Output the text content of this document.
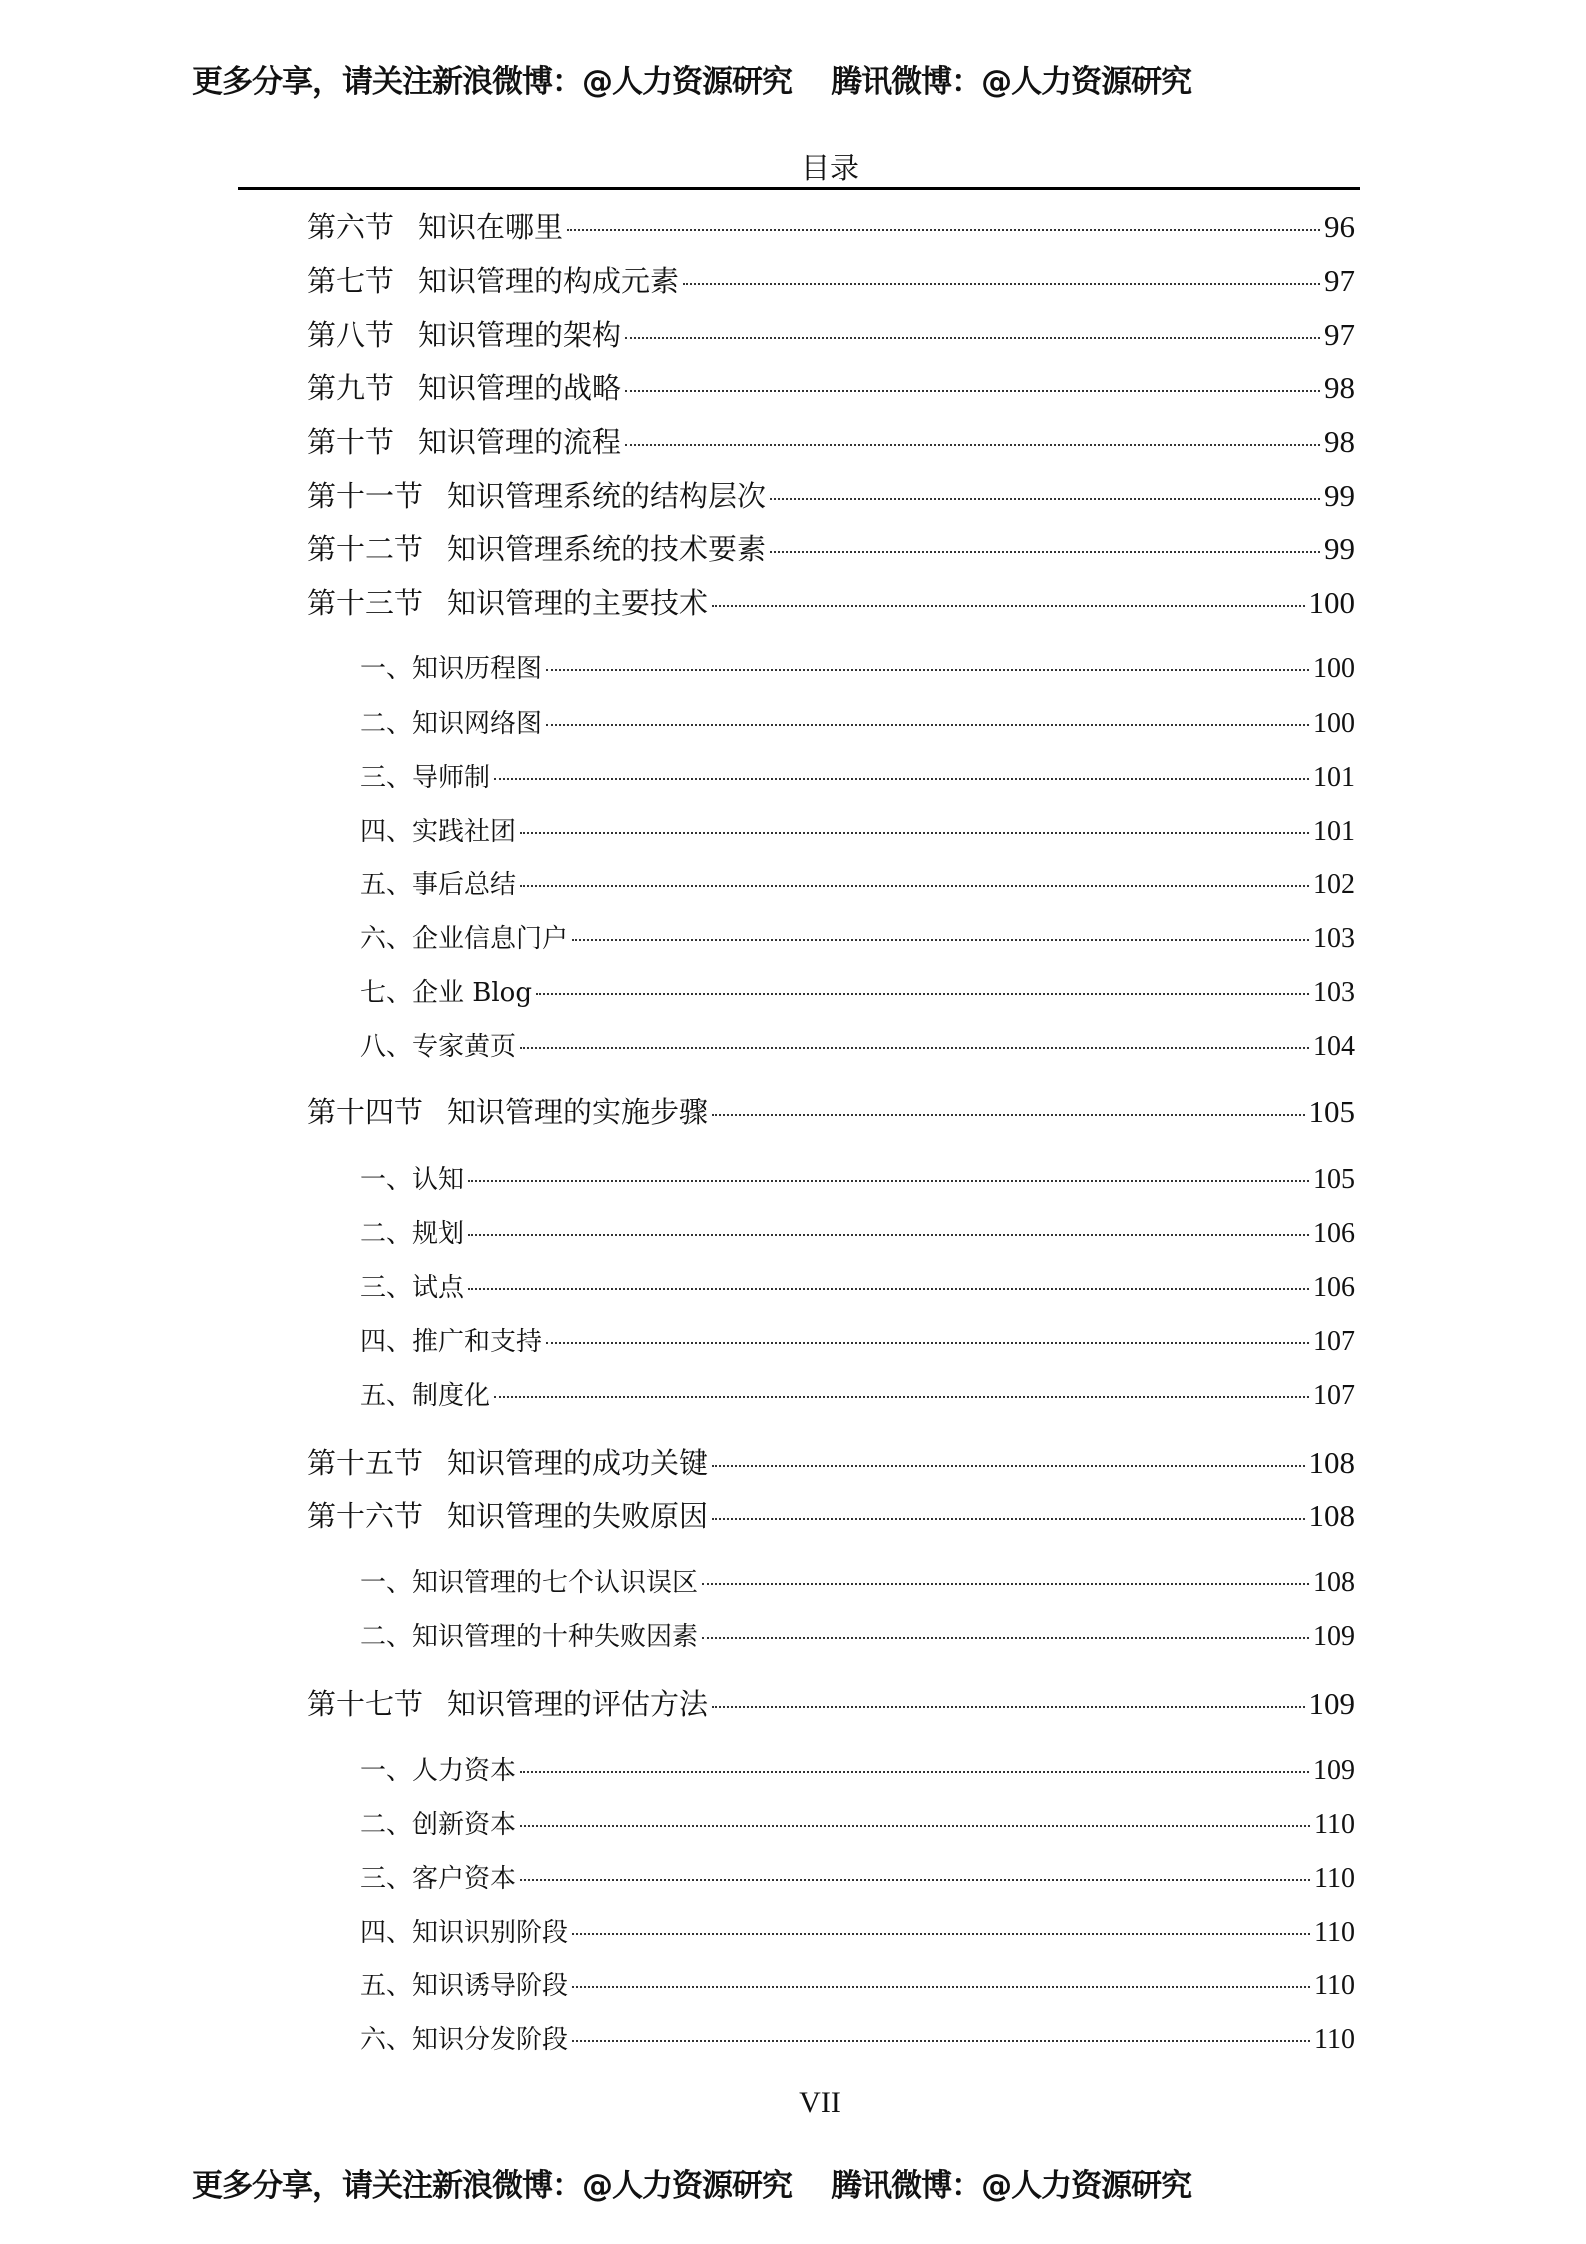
更多分享，请关注新浪微博：@人力资源研究    腾讯微博：@人力资源研究
目录
第六节 知识在哪里	96
第七节 知识管理的构成元素	97
第八节 知识管理的架构	97
第九节 知识管理的战略	98
第十节 知识管理的流程	98
第十一节 知识管理系统的结构层次	99
第十二节 知识管理系统的技术要素	99
第十三节 知识管理的主要技术	100
一、知识历程图	100
二、知识网络图	100
三、导师制	101
四、实践社团	101
五、事后总结	102
六、企业信息门户	103
七、企业 Blog	103
八、专家黄页	104
第十四节 知识管理的实施步骤	105
一、认知	105
二、规划	106
三、试点	106
四、推广和支持	107
五、制度化	107
第十五节 知识管理的成功关键	108
第十六节 知识管理的失败原因	108
一、知识管理的七个认识误区	108
二、知识管理的十种失败因素	109
第十七节 知识管理的评估方法	109
一、人力资本	109
二、创新资本	110
三、客户资本	110
四、知识识别阶段	110
五、知识诱导阶段	110
六、知识分发阶段	110
VII
更多分享，请关注新浪微博：@人力资源研究    腾讯微博：@人力资源研究
